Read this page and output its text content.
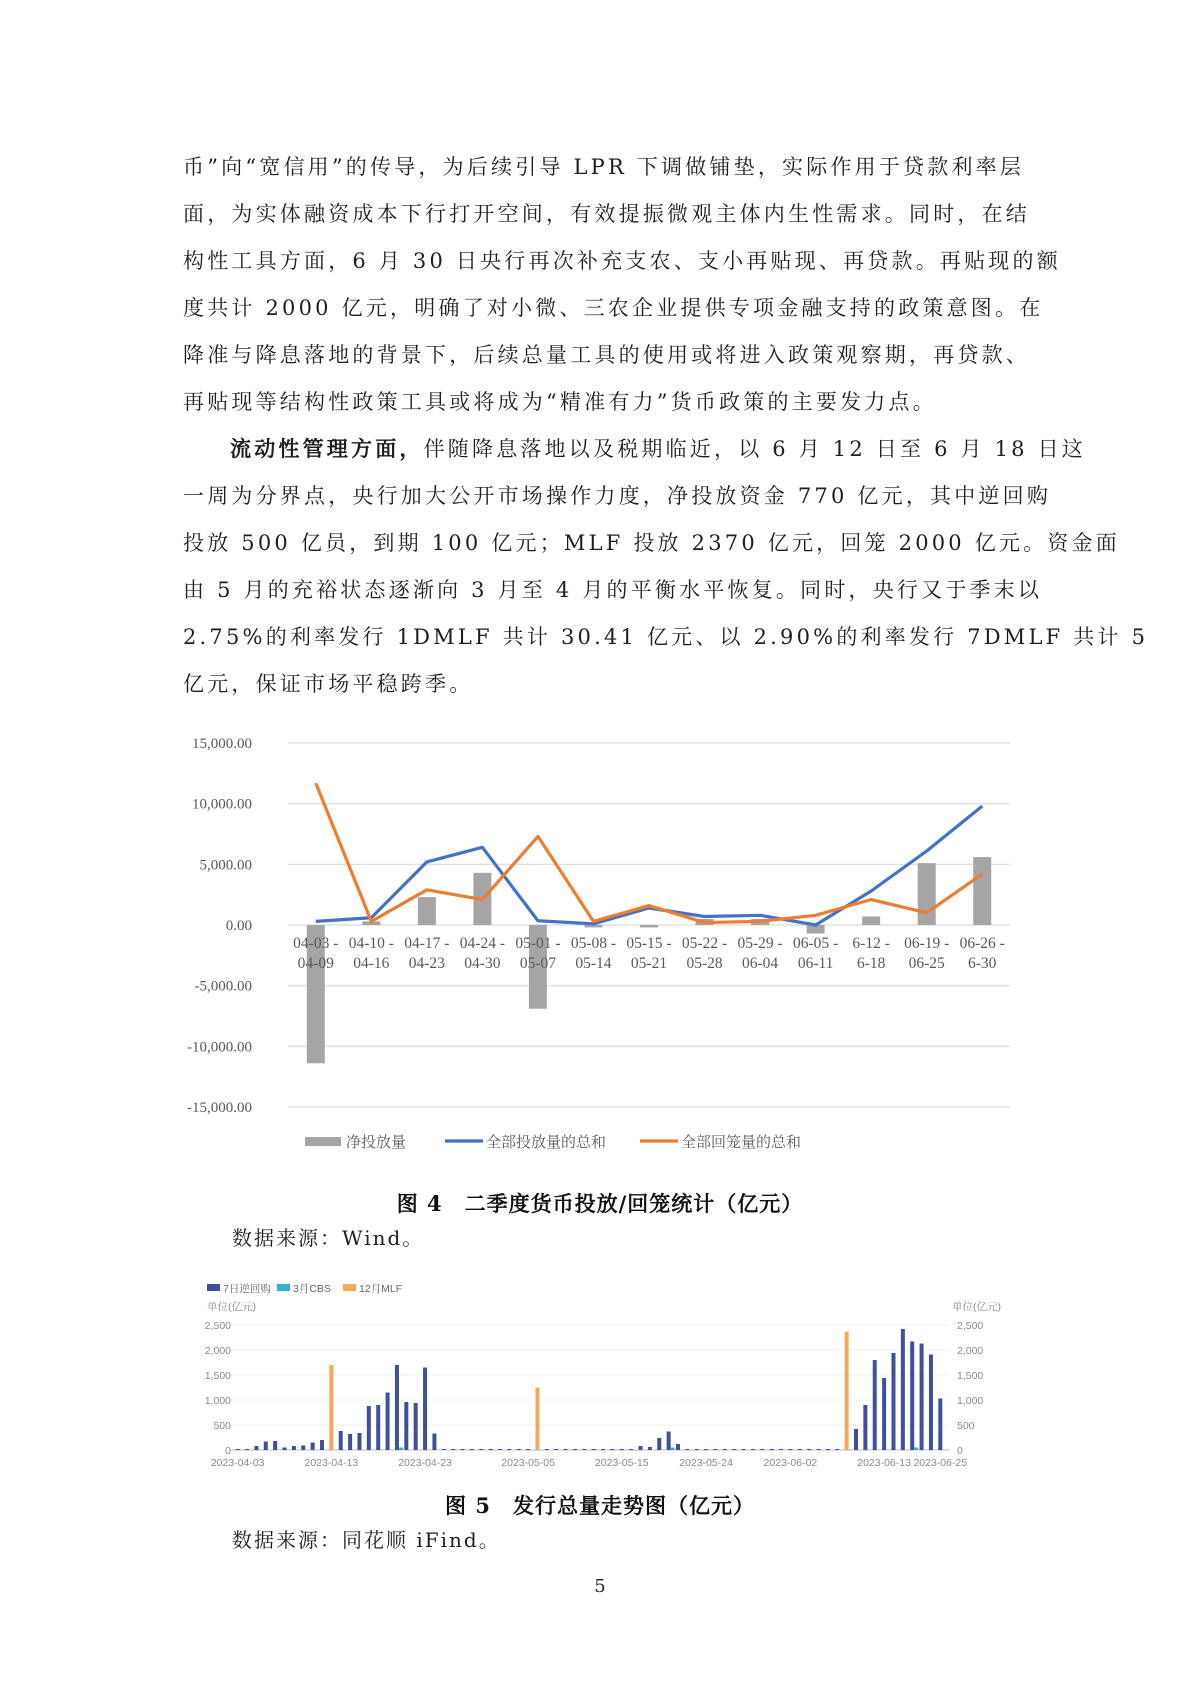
币”向“宽信用”的传导，为后续引导 LPR 下调做铺垫，实际作用于贷款利率层
面，为实体融资成本下行打开空间，有效提振微观主体内生性需求。同时，在结
构性工具方面，6 月 30 日央行再次补充支农、支小再贴现、再贷款。再贴现的额
度共计 2000 亿元，明确了对小微、三农企业提供专项金融支持的政策意图。在
降准与降息落地的背景下，后续总量工具的使用或将进入政策观察期，再贷款、
再贴现等结构性政策工具或将成为“精准有力”货币政策的主要发力点。
流动性管理方面，伴随降息落地以及税期临近，以 6 月 12 日至 6 月 18 日这
一周为分界点，央行加大公开市场操作力度，净投放资金 770 亿元，其中逆回购
投放 500 亿员，到期 100 亿元；MLF 投放 2370 亿元，回笼 2000 亿元。资金面
由 5 月的充裕状态逐渐向 3 月至 4 月的平衡水平恢复。同时，央行又于季末以
2.75%的利率发行 1DMLF 共计 30.41 亿元、以 2.90%的利率发行 7DMLF 共计 5
亿元，保证市场平稳跨季。
15,000.00
10,000.00
5,000.00
0.00
-5,000.00
-10,000.00
-15,000.00
04-03 -
04-09
04-10 -
04-16
04-17 -
04-23
04-24 -
04-30
05-01 -
05-07
05-08 -
05-14
05-15 -
05-21
05-22 -
05-28
05-29 -
06-04
06-05 -
06-11
6-12 -
6-18
06-19 -
06-25
06-26 -
6-30
净投放量	全部投放量的总和	全部回笼量的总和
图 4　二季度货币投放/回笼统计（亿元）
数据来源：Wind。
2,500	2,500
2,000	2,000
1,500	1,500
1,000	1,000
500	500
0	0
单位(亿元)	单位(亿元)
2023-04-03	2023-04-13	2023-04-23	2023-05-05	2023-05-15	2023-05-24	2023-06-02	2023-06-13 2023-06-25
7日逆回购 3月CBS	12月MLF
图 5　发行总量走势图（亿元）
数据来源：同花顺 iFind。
5
